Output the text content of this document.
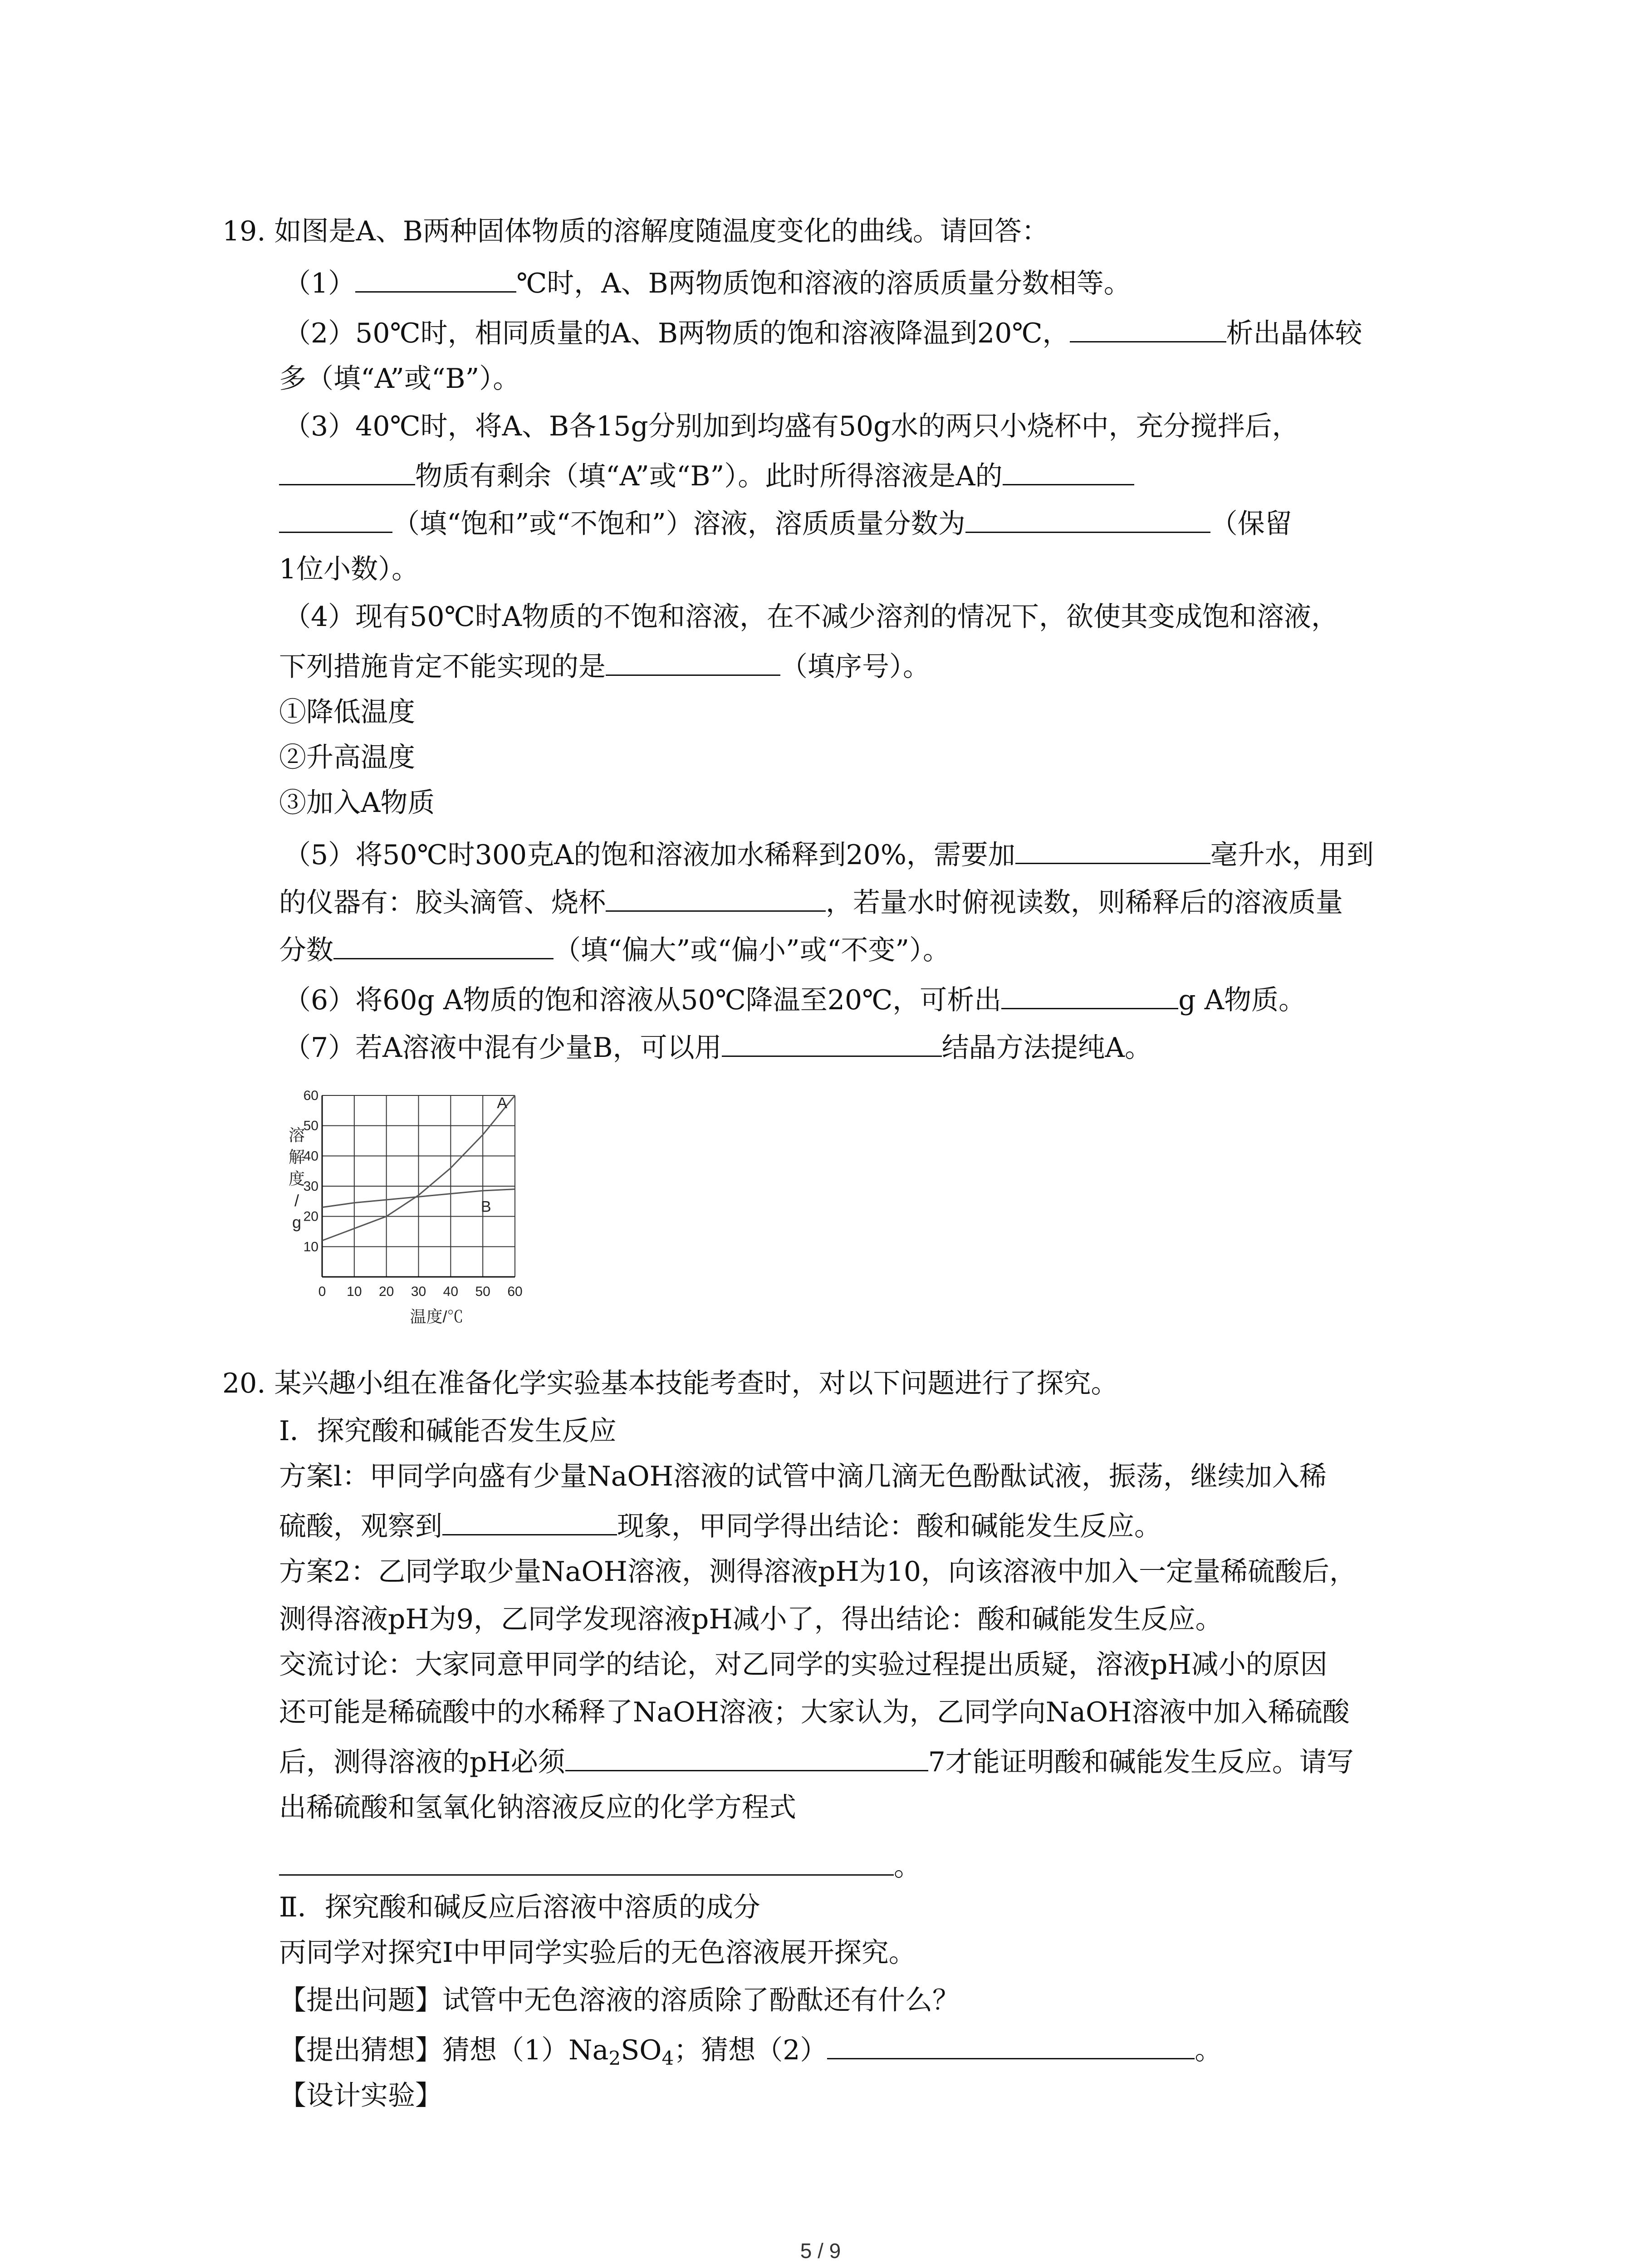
19. 如图是A、B两种固体物质的溶解度随温度变化的曲线。请回答：
（1）	℃时，A、B两物质饱和溶液的溶质质量分数相等。
（2）50℃时，相同质量的A、B两物质的饱和溶液降温到20℃，	析出晶体较
多（填“A”或“B”）。
（3）40℃时，将A、B各15g分别加到均盛有50g水的两只小烧杯中，充分搅拌后，
物质有剩余（填“A”或“B”）。此时所得溶液是A的
（填“饱和”或“不饱和”）溶液，溶质质量分数为	（保留
1位小数）。
（4）现有50℃时A物质的不饱和溶液，在不减少溶剂的情况下，欲使其变成饱和溶液，
下列措施肯定不能实现的是	（填序号）。
①降低温度
②升高温度
③加入A物质
（5）将50℃时300克A的饱和溶液加水稀释到20%，需要加	毫升水，用到
的仪器有：胶头滴管、烧杯	，若量水时俯视读数，则稀释后的溶液质量
分数	（填“偏大”或“偏小”或“不变”）。
（6）将60g A物质的饱和溶液从50℃降温至20℃，可析出	g A物质。
（7）若A溶液中混有少量B，可以用	结晶方法提纯A。
0 10 20 30 40 50 60
10
20
30
40
50
60
溶
解
度
/
g
温度/℃
A
B
20. 某兴趣小组在准备化学实验基本技能考查时，对以下问题进行了探究。
Ⅰ．探究酸和碱能否发生反应
方案l：甲同学向盛有少量NaOH溶液的试管中滴几滴无色酚酞试液，振荡，继续加入稀
硫酸，观察到	现象，甲同学得出结论：酸和碱能发生反应。
方案2：乙同学取少量NaOH溶液，测得溶液pH为10，向该溶液中加入一定量稀硫酸后，
测得溶液pH为9，乙同学发现溶液pH减小了，得出结论：酸和碱能发生反应。
交流讨论：大家同意甲同学的结论，对乙同学的实验过程提出质疑，溶液pH减小的原因
还可能是稀硫酸中的水稀释了NaOH溶液；大家认为，乙同学向NaOH溶液中加入稀硫酸
后，测得溶液的pH必须	7才能证明酸和碱能发生反应。请写
出稀硫酸和氢氧化钠溶液反应的化学方程式
。
Ⅱ．探究酸和碱反应后溶液中溶质的成分
丙同学对探究Ⅰ中甲同学实验后的无色溶液展开探究。
【提出问题】试管中无色溶液的溶质除了酚酞还有什么？
【提出猜想】猜想$(1)Na_2SO_4$；猜想（2）	。
【设计实验】
5 / 9
